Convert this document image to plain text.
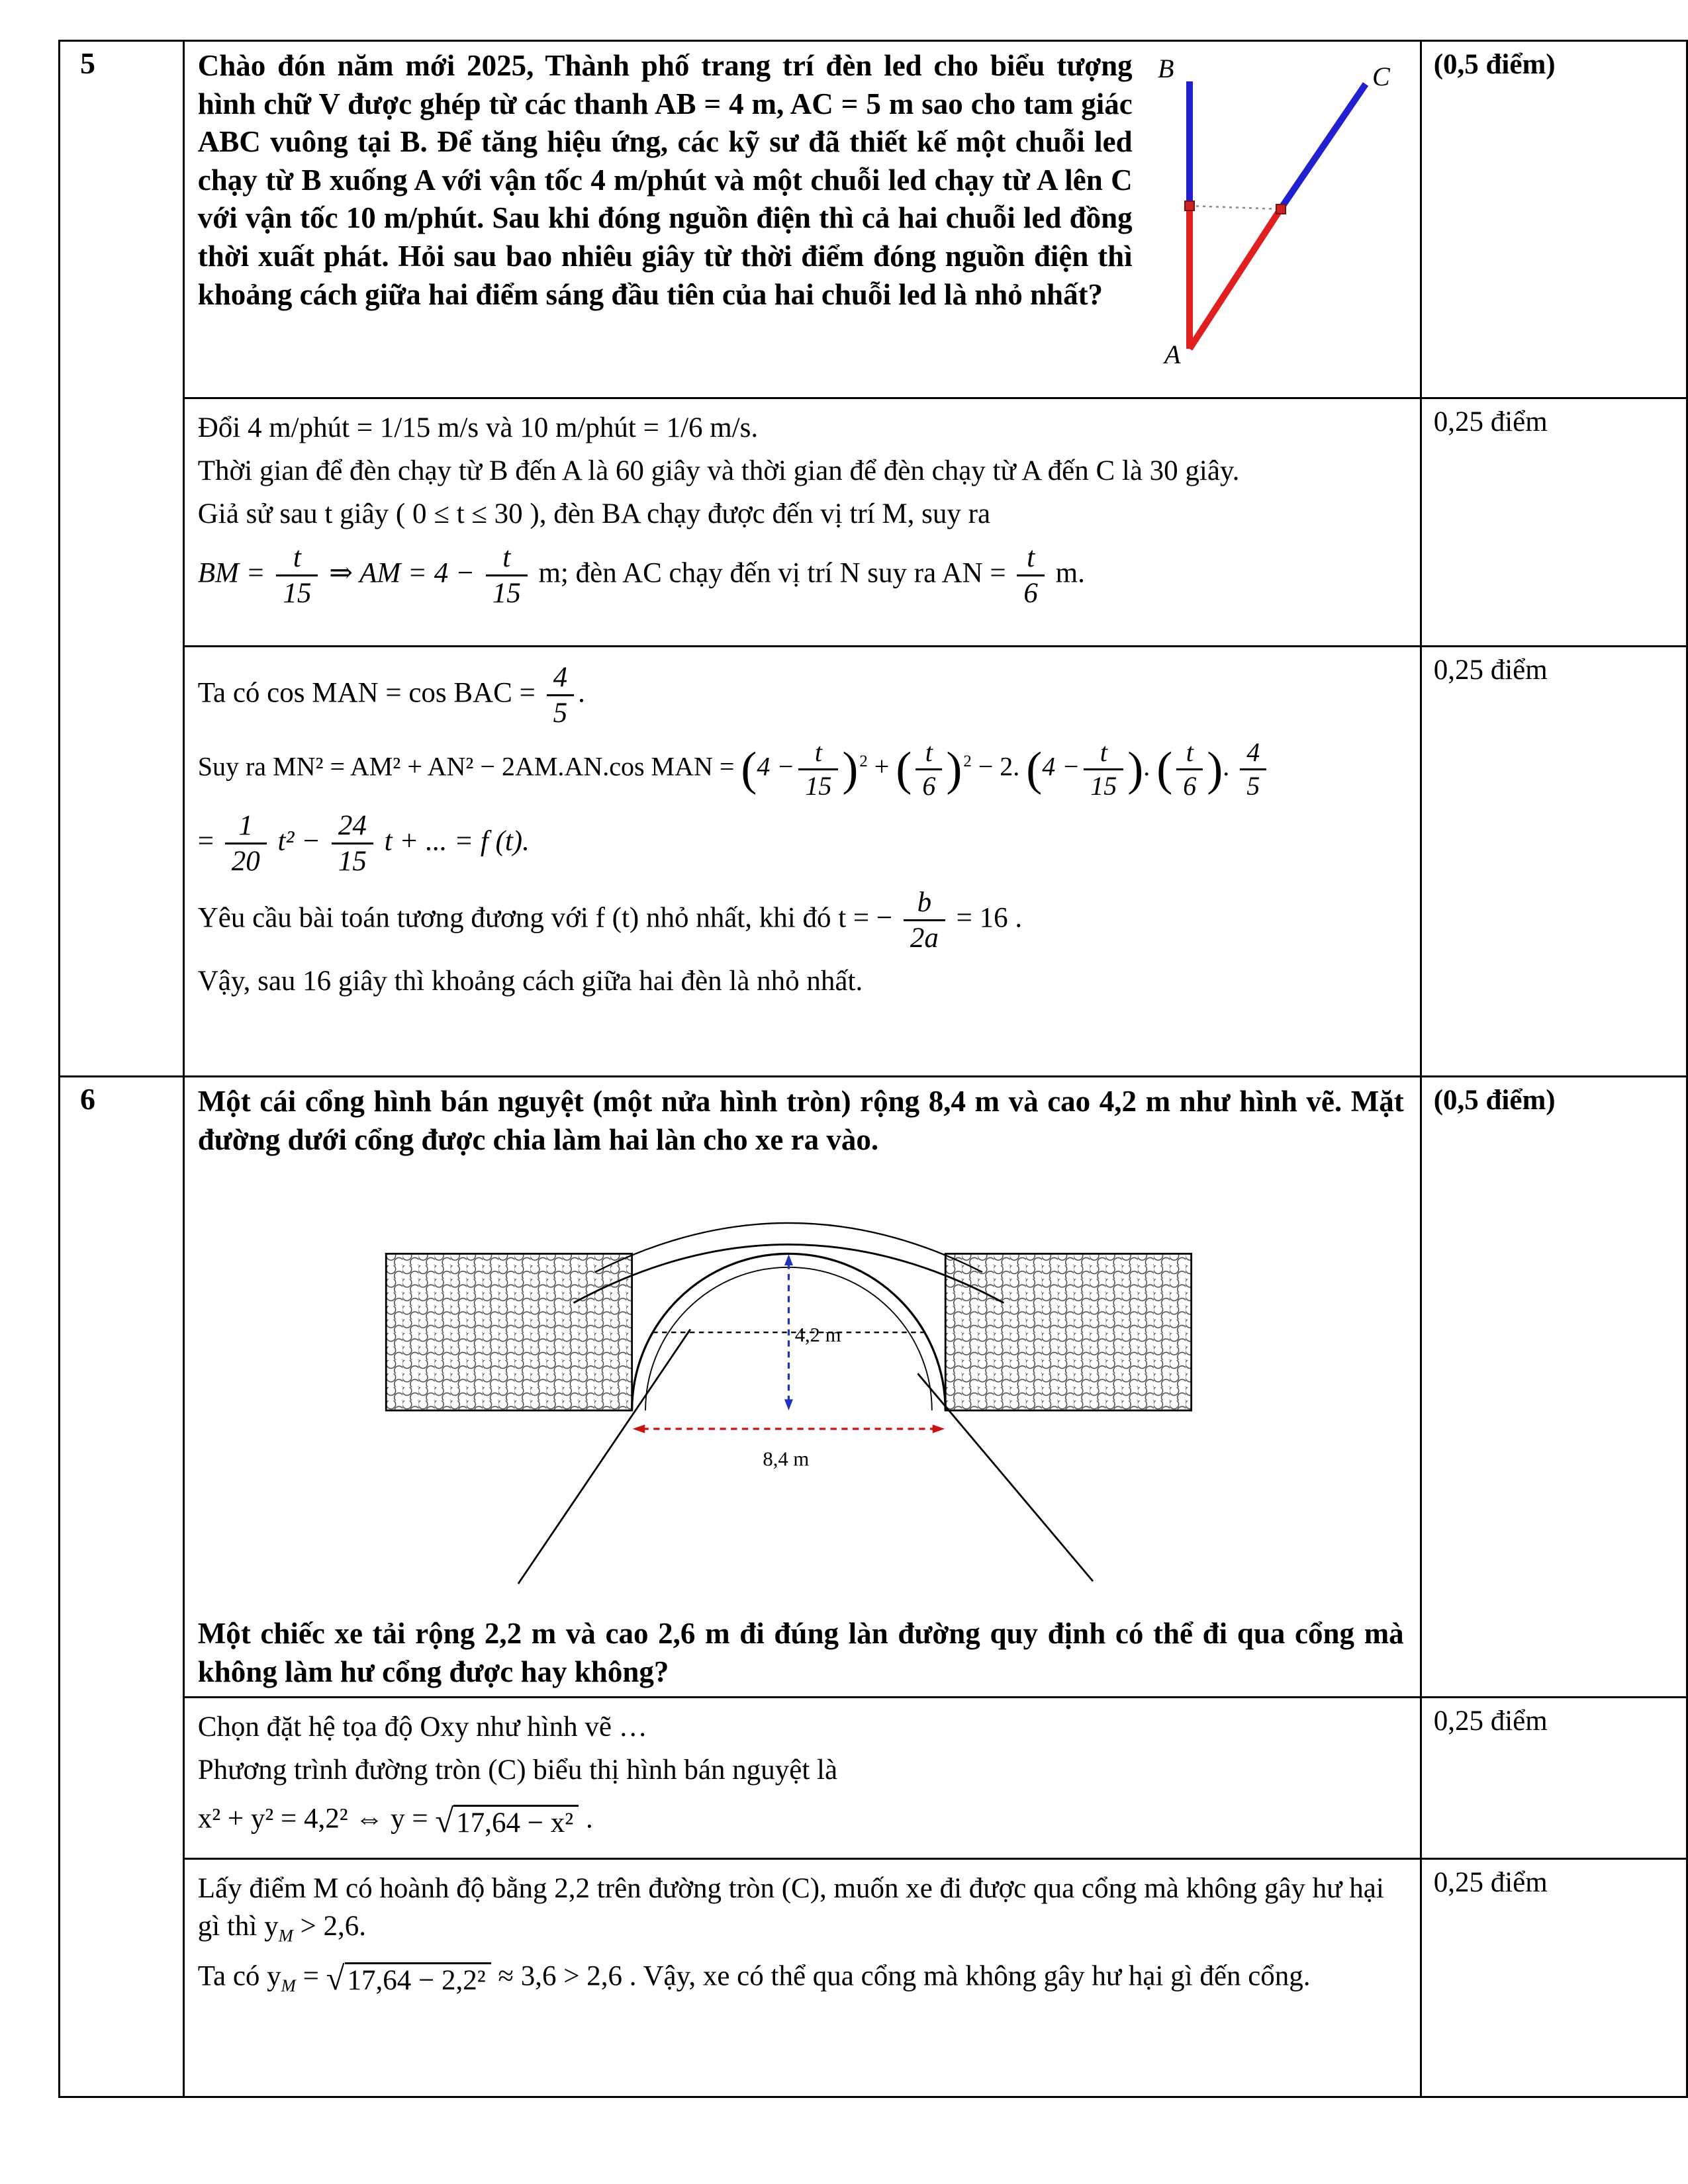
5	B C
A
Chào đón năm mới 2025, Thành phố trang trí đèn led cho biểu tượng hình chữ V được ghép từ các thanh AB = 4 m, AC = 5 m sao cho tam giác ABC vuông tại B. Để tăng hiệu ứng, các kỹ sư đã thiết kế một chuỗi led chạy từ B xuống A với vận tốc 4 m/phút và một chuỗi led chạy từ A lên C với vận tốc 10 m/phút. Sau khi đóng nguồn điện thì cả hai chuỗi led đồng thời xuất phát. Hỏi sau bao nhiêu giây từ thời điểm đóng nguồn điện thì khoảng cách giữa hai điểm sáng đầu tiên của hai chuỗi led là nhỏ nhất?	(0,5 điểm)

Đổi 4 m/phút = 1/15 m/s và 10 m/phút = 1/6 m/s.
Thời gian để đèn chạy từ B đến A là 60 giây và thời gian để đèn chạy từ A đến C là 30 giây.
Giả sử sau t giây ( 0 ≤ t ≤ 30 ), đèn BA chạy được đến vị trí M, suy ra
BM = $\frac{t}{15}$ ⇒ AM = $4 - \frac{t}{15} m$; đèn AC chạy đến vị trí N suy ra AN = $\frac{t}{6} m$.
	0,25 điểm

Ta có cos MAN = cos BAC = $\frac{4}{5}$ .
Suy ra MN² = AM² + AN² − 2AM.AN.cos MAN = $(4 - \frac{t}{15} )^2$ + ( $\frac{t}{6} )^2 - 2$. ($4 - \frac{t}{15}$ ). ( $\frac{t}{6}$ ). $\frac{4}{5}$
= $\frac{1}{20} t^2 - \frac{24}{15}$ t + ... = f (t).
Yêu cầu bài toán tương đương với f (t) nhỏ nhất, khi đó t = − $\frac{b}{2a} = 16$ .
Vậy, sau 16 giây thì khoảng cách giữa hai đèn là nhỏ nhất.
	0,25 điểm
6	Một cái cổng hình bán nguyệt (một nửa hình tròn) rộng 8,4 m và cao 4,2 m như hình vẽ. Mặt đường dưới cổng được chia làm hai làn cho xe ra vào.
4,2 m
8,4 m
Một chiếc xe tải rộng 2,2 m và cao 2,6 m đi đúng làn đường quy định có thể đi qua cổng mà không làm hư cổng được hay không?	(0,5 điểm)

	Chọn đặt hệ tọa độ Oxy như hình vẽ …
Phương trình đường tròn (C) biểu thị hình bán nguyệt là
x² + y² = 4,2² ⇔ y = √17,64 − x² .	0,25 điểm

	Lấy điểm M có hoành độ bằng 2,2 trên đường tròn (C), muốn xe đi được qua cổng mà không gây hư hại gì thì $y_M > 2,6$.
Ta có $y_M = √17,64 - 2,2^2 \approx 3,6 > 2,6$ . Vậy, xe có thể qua cổng mà không gây hư hại gì đến cổng.	0,25 điểm
